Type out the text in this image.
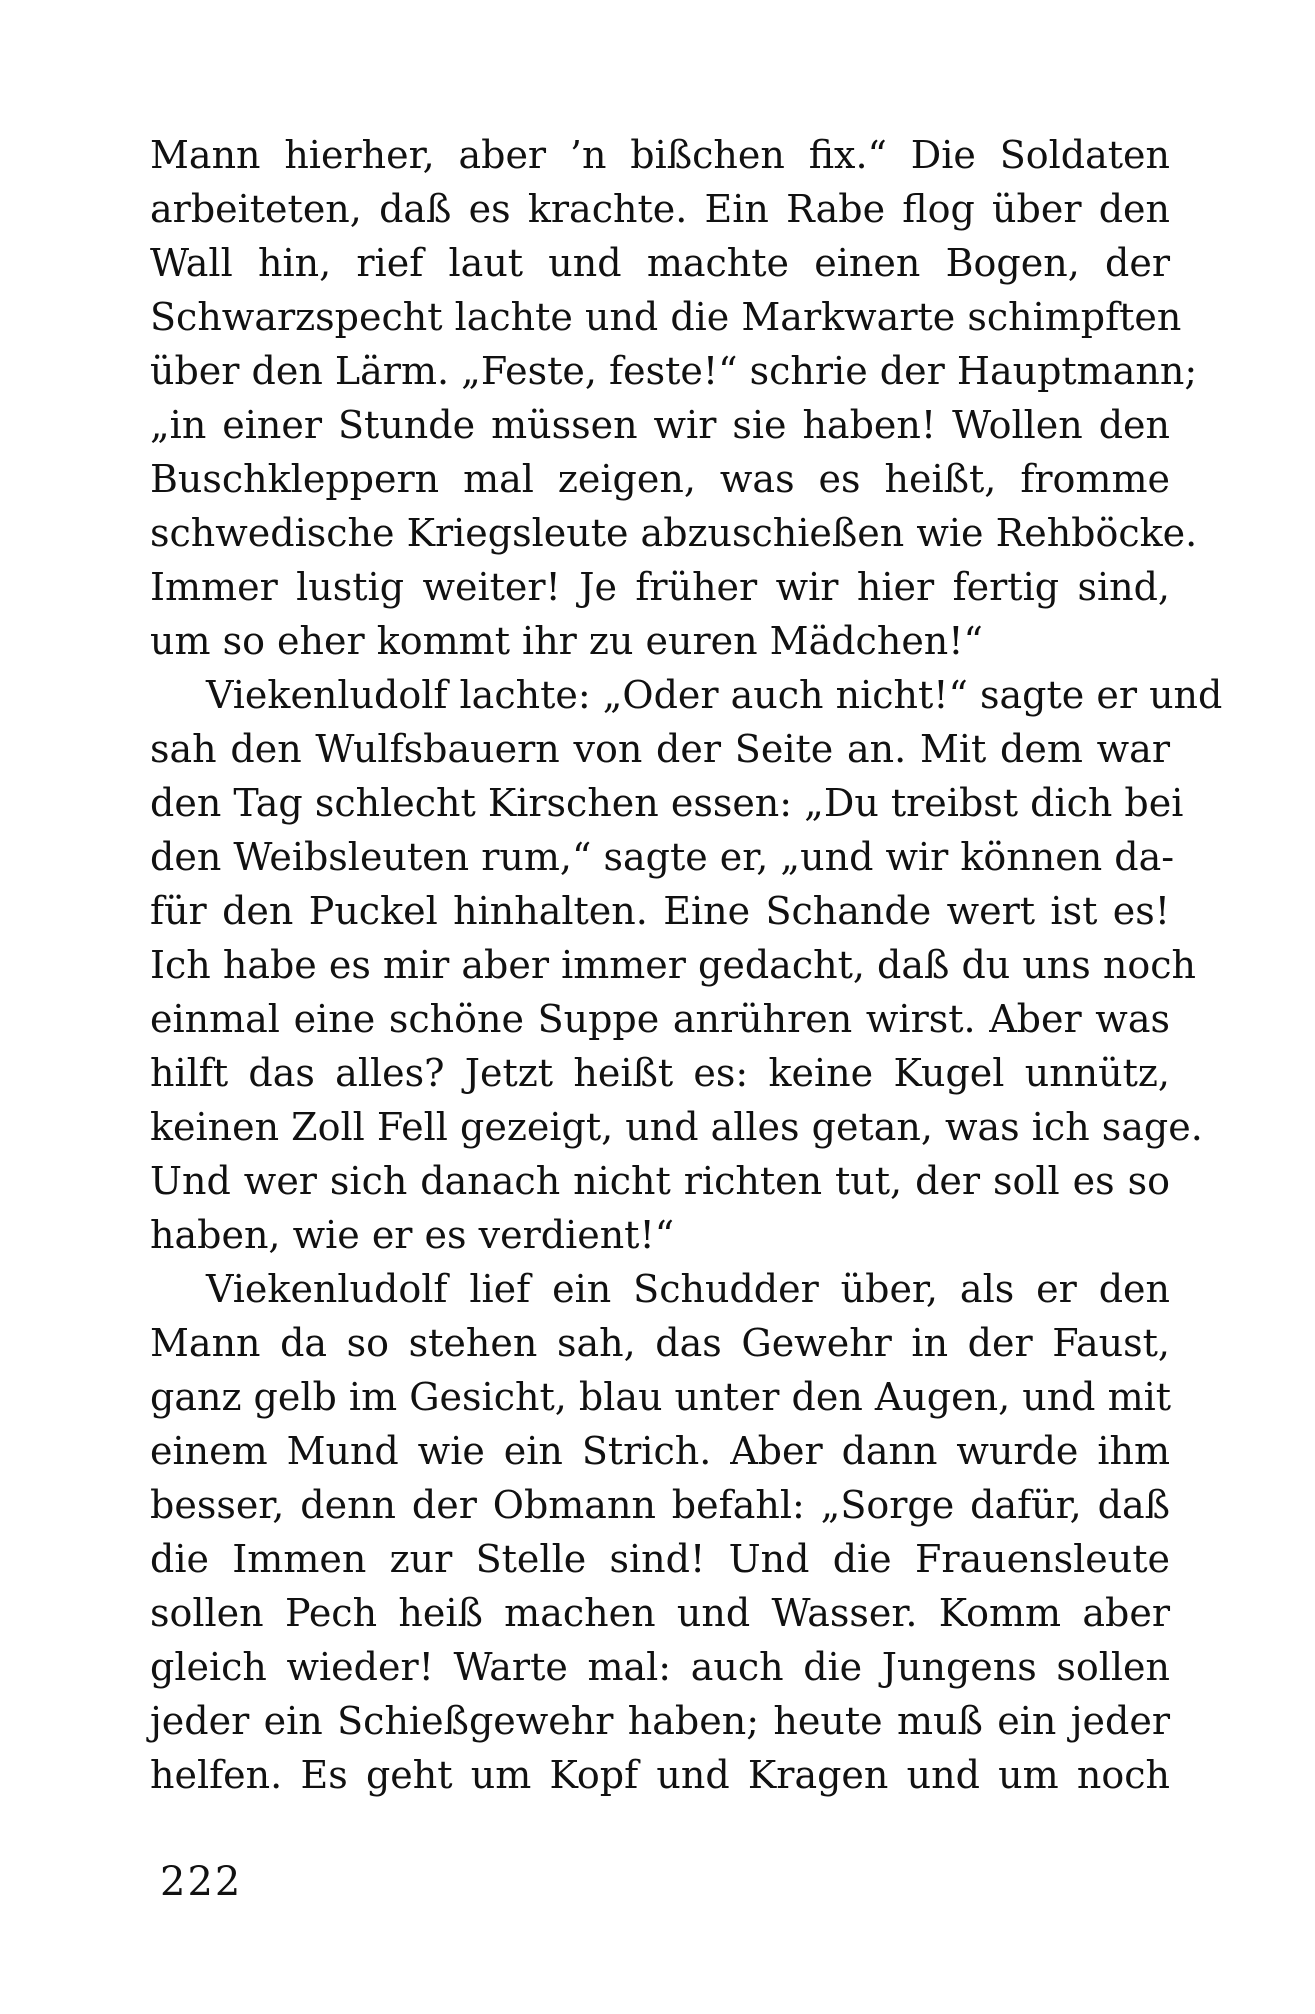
Mann hierher, aber ’n bißchen fix.“ Die Soldaten
arbeiteten, daß es krachte. Ein Rabe flog über den
Wall hin, rief laut und machte einen Bogen, der
Schwarzspecht lachte und die Markwarte schimpften
über den Lärm. „Feste, feste!“ schrie der Hauptmann;
„in einer Stunde müssen wir sie haben! Wollen den
Buschkleppern mal zeigen, was es heißt, fromme
schwedische Kriegsleute abzuschießen wie Rehböcke.
Immer lustig weiter! Je früher wir hier fertig sind,
um so eher kommt ihr zu euren Mädchen!“
Viekenludolf lachte: „Oder auch nicht!“ sagte er und
sah den Wulfsbauern von der Seite an. Mit dem war
den Tag schlecht Kirschen essen: „Du treibst dich bei
den Weibsleuten rum,“ sagte er, „und wir können da-
für den Puckel hinhalten. Eine Schande wert ist es!
Ich habe es mir aber immer gedacht, daß du uns noch
einmal eine schöne Suppe anrühren wirst. Aber was
hilft das alles? Jetzt heißt es: keine Kugel unnütz,
keinen Zoll Fell gezeigt, und alles getan, was ich sage.
Und wer sich danach nicht richten tut, der soll es so
haben, wie er es verdient!“
Viekenludolf lief ein Schudder über, als er den
Mann da so stehen sah, das Gewehr in der Faust,
ganz gelb im Gesicht, blau unter den Augen, und mit
einem Mund wie ein Strich. Aber dann wurde ihm
besser, denn der Obmann befahl: „Sorge dafür, daß
die Immen zur Stelle sind! Und die Frauensleute
sollen Pech heiß machen und Wasser. Komm aber
gleich wieder! Warte mal: auch die Jungens sollen
jeder ein Schießgewehr haben; heute muß ein jeder
helfen. Es geht um Kopf und Kragen und um noch
222
